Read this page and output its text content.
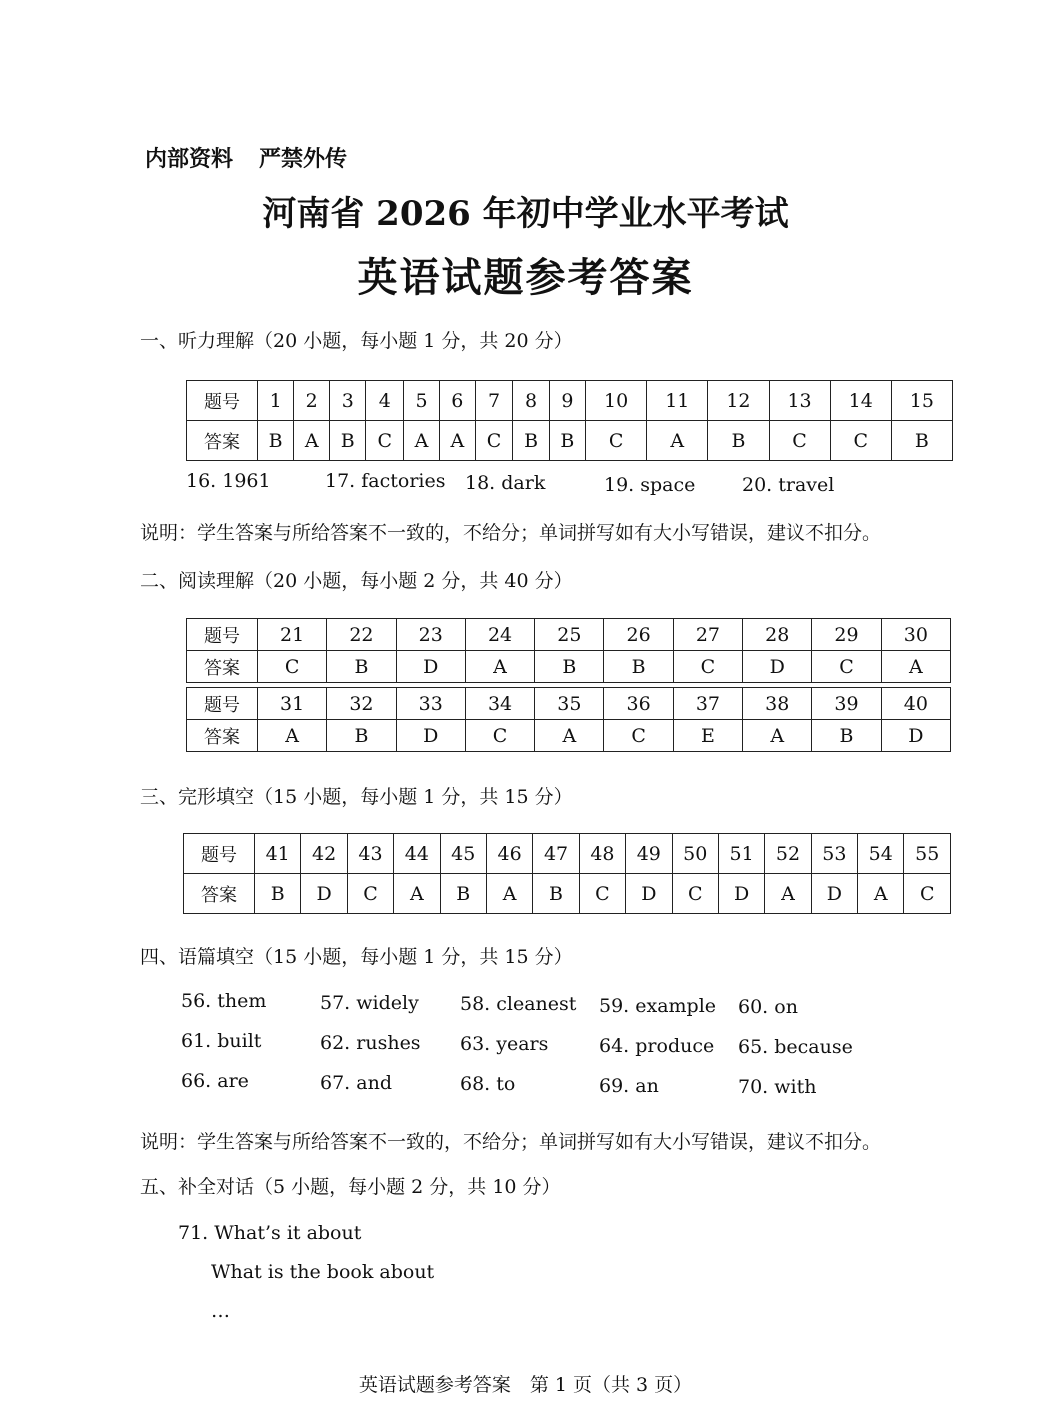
内部资料 严禁外传
河南省 2026 年初中学业水平考试
英语试题参考答案
一、听力理解（20 小题，每小题 1 分，共 20 分）
题号	1	2	3	4	5	6	7	8	9	10	11	12	13	14	15
答案	B	A	B	C	A	A	C	B	B	C	A	B	C	C	B
16. 1961	17. factories 18. dark	19. space 20. travel
说明：学生答案与所给答案不一致的，不给分；单词拼写如有大小写错误，建议不扣分。
二、阅读理解（20 小题，每小题 2 分，共 40 分）
题号	21	22	23	24	25	26	27	28	29	30
答案	C	B	D	A	B	B	C	D	C	A

题号	31	32	33	34	35	36	37	38	39	40
答案	A	B	D	C	A	C	E	A	B	D
三、完形填空（15 小题，每小题 1 分，共 15 分）
题号	41	42	43	44	45	46	47	48	49	50	51	52	53	54	55
答案	B	D	C	A	B	A	B	C	D	C	D	A	D	A	C
四、语篇填空（15 小题，每小题 1 分，共 15 分）
56. them	57. widely 58. cleanest 59. example 60. on
61. built	62. rushes 63. years	64. produce 65. because
66. are	67. and	68. to	69. an	70. with
说明：学生答案与所给答案不一致的，不给分；单词拼写如有大小写错误，建议不扣分。
五、补全对话（5 小题，每小题 2 分，共 10 分）
71. What’s it about
What is the book about
…
英语试题参考答案　第 1 页（共 3 页）
